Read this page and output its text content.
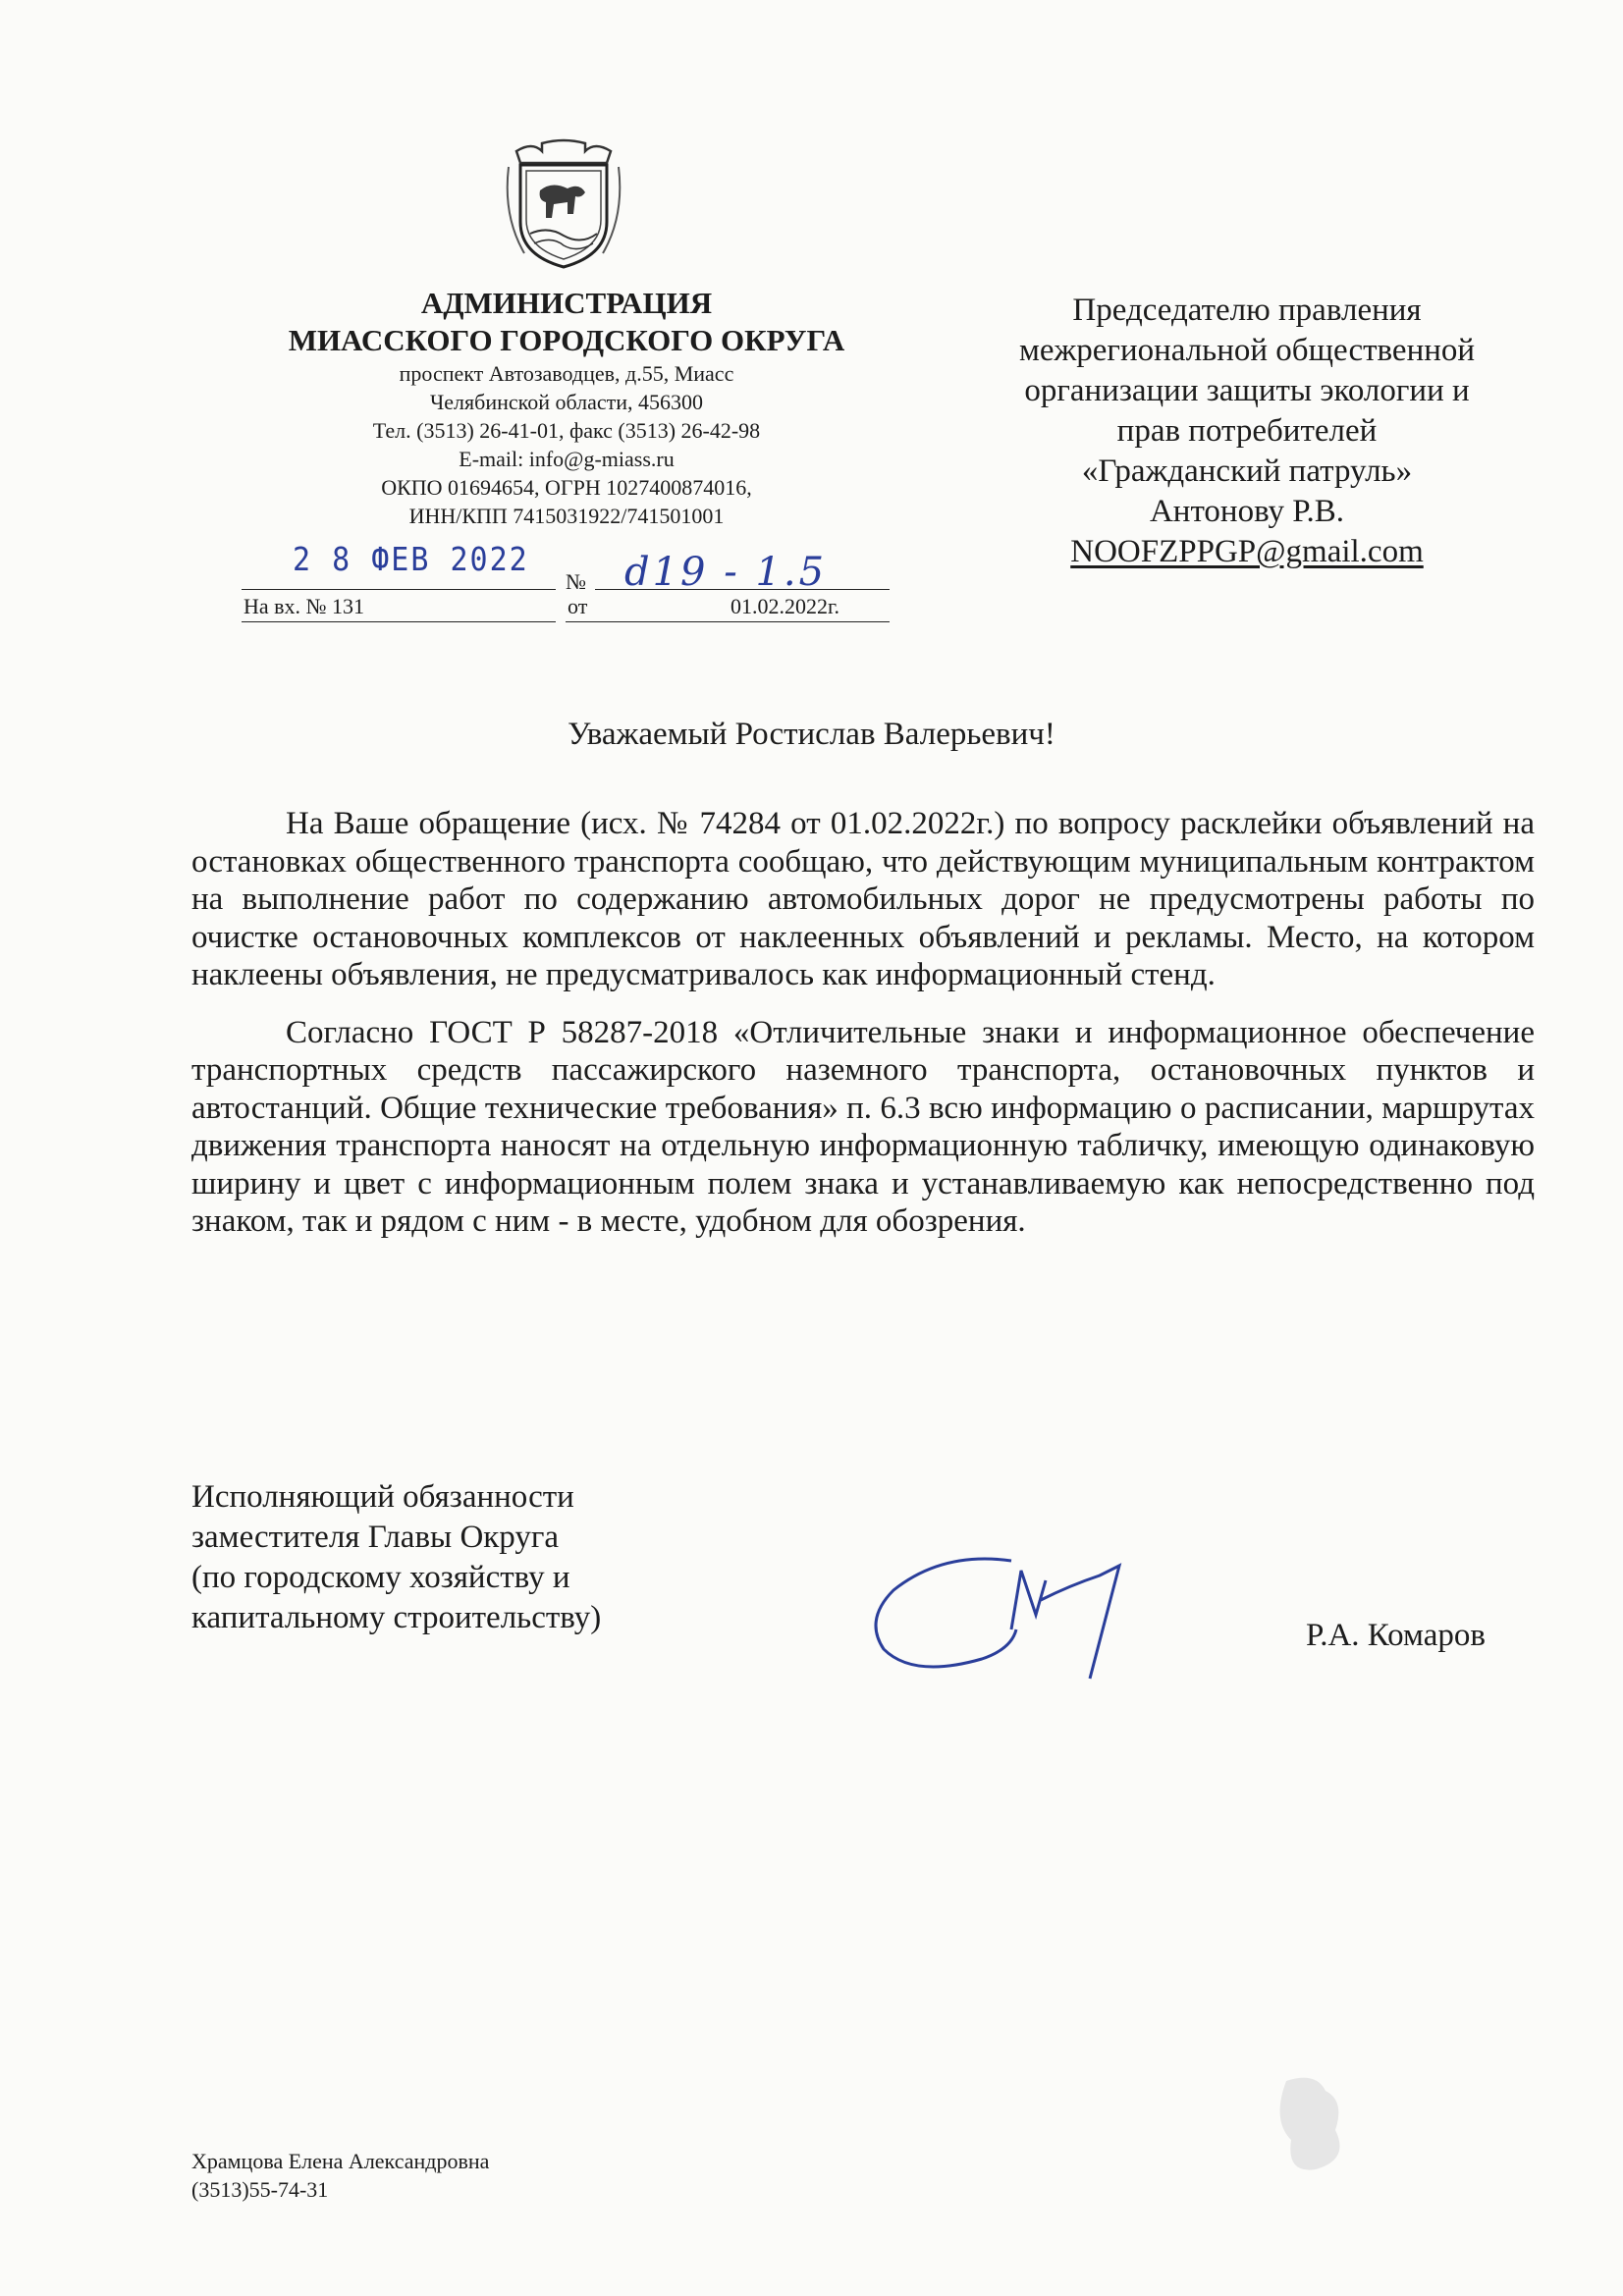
АДМИНИСТРАЦИЯ
МИАССКОГО ГОРОДСКОГО ОКРУГА
проспект Автозаводцев, д.55, Миасс
Челябинской области, 456300
Тел. (3513) 26-41-01, факс (3513) 26-42-98
E-mail: info@g-miass.ru
ОКПО 01694654, ОГРН 1027400874016,
ИНН/КПП 7415031922/741501001
2 8 ФЕВ 2022
№ d19 - 1.5
На вх. № 131	от	01.02.2022г.
Председателю правления
межрегиональной общественной
организации защиты экологии и
прав потребителей
«Гражданский патруль»
Антонову Р.В.
NOOFZPPGP@gmail.com
Уважаемый Ростислав Валерьевич!

На Ваше обращение (исх. № 74284 от 01.02.2022г.) по вопросу расклейки объявлений на остановках общественного транспорта сообщаю, что действующим муниципальным контрактом на выполнение работ по содержанию автомобильных дорог не предусмотрены работы по очистке остановочных комплексов от наклеенных объявлений и рекламы. Место, на котором наклеены объявления, не предусматривалось как информационный стенд.

Согласно ГОСТ Р 58287-2018 «Отличительные знаки и информационное обеспечение транспортных средств пассажирского наземного транспорта, остановочных пунктов и автостанций. Общие технические требования» п. 6.3 всю информацию о расписании, маршрутах движения транспорта наносят на отдельную информационную табличку, имеющую одинаковую ширину и цвет с информационным полем знака и устанавливаемую как непосредственно под знаком, так и рядом с ним - в месте, удобном для обозрения.

Исполняющий обязанности
заместителя Главы Округа
(по городскому хозяйству и
капитальному строительству)	Р.А. Комаров
Храмцова Елена Александровна
(3513)55-74-31
